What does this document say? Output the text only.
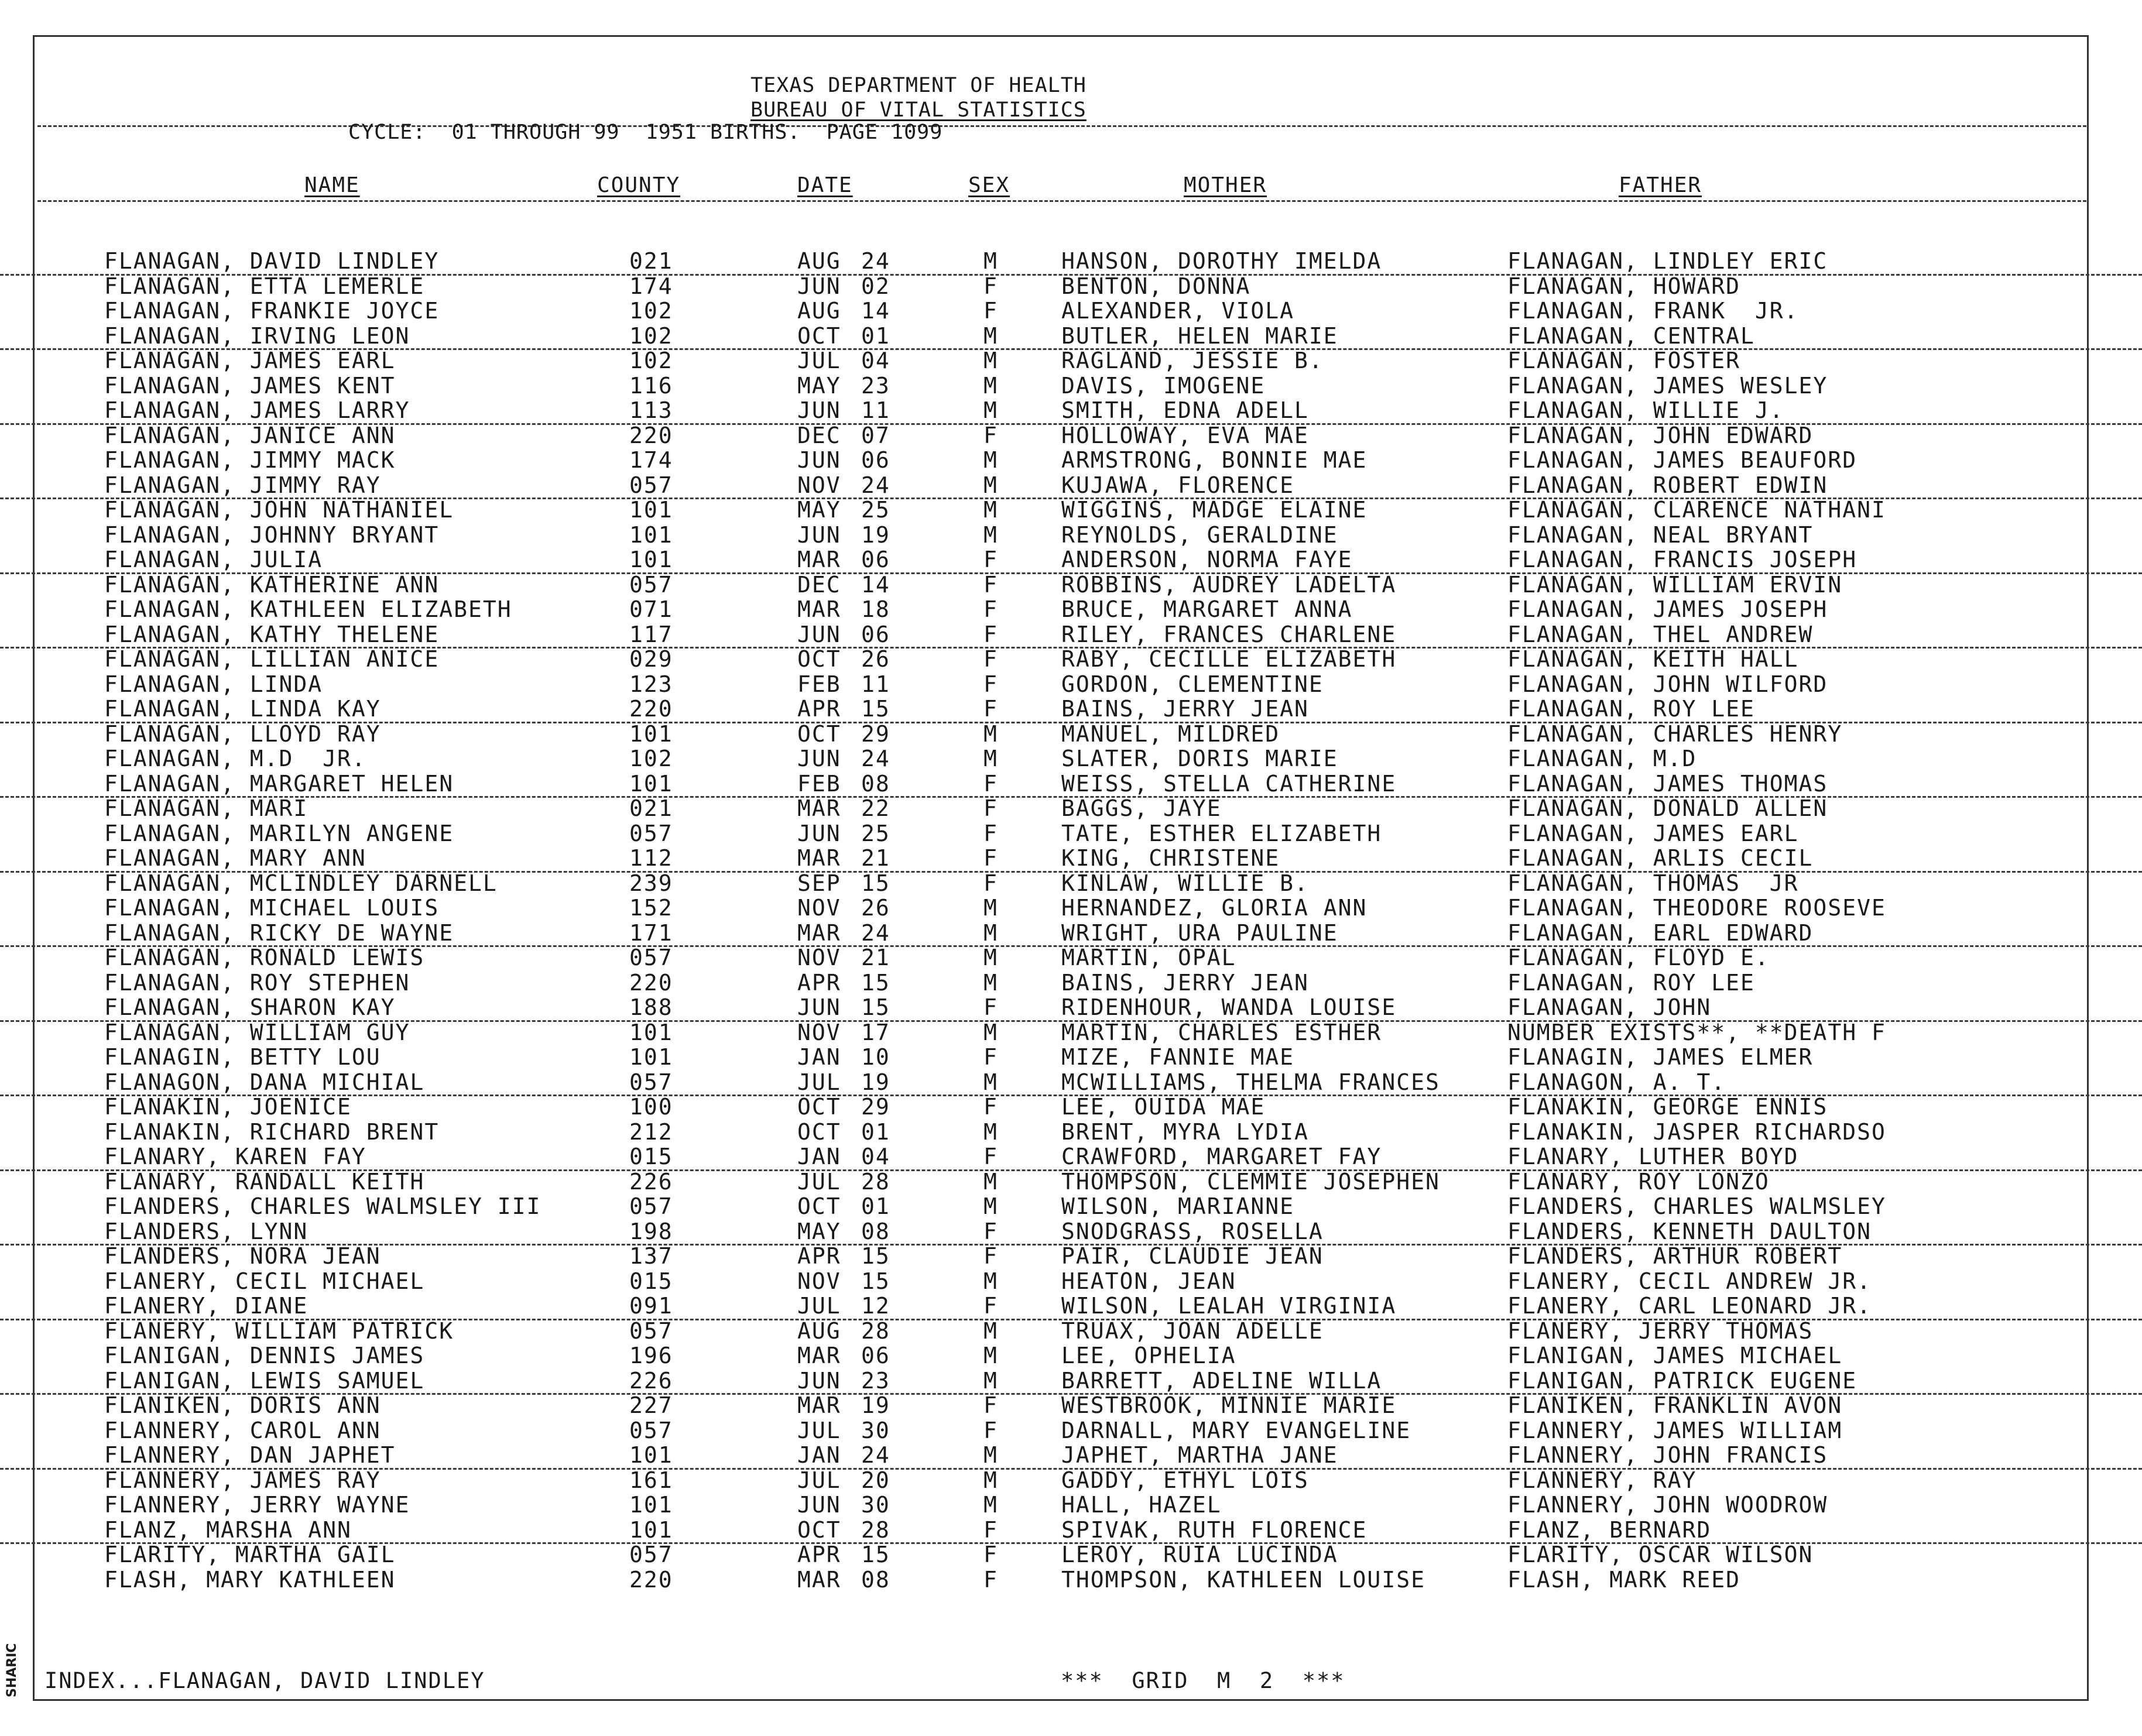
TEXAS DEPARTMENT OF HEALTH
BUREAU OF VITAL STATISTICS
CYCLE:  01 THROUGH 99  1951 BIRTHS.  PAGE 1099
NAME	COUNTY	DATE	SEX	MOTHER	FATHER
FLANAGAN, DAVID LINDLEY	021	AUG 24	M	HANSON, DOROTHY IMELDA	FLANAGAN, LINDLEY ERIC
FLANAGAN, ETTA LEMERLE	174	JUN 02	F	BENTON, DONNA	FLANAGAN, HOWARD
FLANAGAN, FRANKIE JOYCE	102	AUG 14	F	ALEXANDER, VIOLA	FLANAGAN, FRANK  JR.
FLANAGAN, IRVING LEON	102	OCT 01	M	BUTLER, HELEN MARIE	FLANAGAN, CENTRAL
FLANAGAN, JAMES EARL	102	JUL 04	M	RAGLAND, JESSIE B.	FLANAGAN, FOSTER
FLANAGAN, JAMES KENT	116	MAY 23	M	DAVIS, IMOGENE	FLANAGAN, JAMES WESLEY
FLANAGAN, JAMES LARRY	113	JUN 11	M	SMITH, EDNA ADELL	FLANAGAN, WILLIE J.
FLANAGAN, JANICE ANN	220	DEC 07	F	HOLLOWAY, EVA MAE	FLANAGAN, JOHN EDWARD
FLANAGAN, JIMMY MACK	174	JUN 06	M	ARMSTRONG, BONNIE MAE	FLANAGAN, JAMES BEAUFORD
FLANAGAN, JIMMY RAY	057	NOV 24	M	KUJAWA, FLORENCE	FLANAGAN, ROBERT EDWIN
FLANAGAN, JOHN NATHANIEL	101	MAY 25	M	WIGGINS, MADGE ELAINE	FLANAGAN, CLARENCE NATHANI
FLANAGAN, JOHNNY BRYANT	101	JUN 19	M	REYNOLDS, GERALDINE	FLANAGAN, NEAL BRYANT
FLANAGAN, JULIA	101	MAR 06	F	ANDERSON, NORMA FAYE	FLANAGAN, FRANCIS JOSEPH
FLANAGAN, KATHERINE ANN	057	DEC 14	F	ROBBINS, AUDREY LADELTA	FLANAGAN, WILLIAM ERVIN
FLANAGAN, KATHLEEN ELIZABETH	071	MAR 18	F	BRUCE, MARGARET ANNA	FLANAGAN, JAMES JOSEPH
FLANAGAN, KATHY THELENE	117	JUN 06	F	RILEY, FRANCES CHARLENE	FLANAGAN, THEL ANDREW
FLANAGAN, LILLIAN ANICE	029	OCT 26	F	RABY, CECILLE ELIZABETH	FLANAGAN, KEITH HALL
FLANAGAN, LINDA	123	FEB 11	F	GORDON, CLEMENTINE	FLANAGAN, JOHN WILFORD
FLANAGAN, LINDA KAY	220	APR 15	F	BAINS, JERRY JEAN	FLANAGAN, ROY LEE
FLANAGAN, LLOYD RAY	101	OCT 29	M	MANUEL, MILDRED	FLANAGAN, CHARLES HENRY
FLANAGAN, M.D  JR.	102	JUN 24	M	SLATER, DORIS MARIE	FLANAGAN, M.D
FLANAGAN, MARGARET HELEN	101	FEB 08	F	WEISS, STELLA CATHERINE	FLANAGAN, JAMES THOMAS
FLANAGAN, MARI	021	MAR 22	F	BAGGS, JAYE	FLANAGAN, DONALD ALLEN
FLANAGAN, MARILYN ANGENE	057	JUN 25	F	TATE, ESTHER ELIZABETH	FLANAGAN, JAMES EARL
FLANAGAN, MARY ANN	112	MAR 21	F	KING, CHRISTENE	FLANAGAN, ARLIS CECIL
FLANAGAN, MCLINDLEY DARNELL	239	SEP 15	F	KINLAW, WILLIE B.	FLANAGAN, THOMAS  JR
FLANAGAN, MICHAEL LOUIS	152	NOV 26	M	HERNANDEZ, GLORIA ANN	FLANAGAN, THEODORE ROOSEVE
FLANAGAN, RICKY DE WAYNE	171	MAR 24	M	WRIGHT, URA PAULINE	FLANAGAN, EARL EDWARD
FLANAGAN, RONALD LEWIS	057	NOV 21	M	MARTIN, OPAL	FLANAGAN, FLOYD E.
FLANAGAN, ROY STEPHEN	220	APR 15	M	BAINS, JERRY JEAN	FLANAGAN, ROY LEE
FLANAGAN, SHARON KAY	188	JUN 15	F	RIDENHOUR, WANDA LOUISE	FLANAGAN, JOHN
FLANAGAN, WILLIAM GUY	101	NOV 17	M	MARTIN, CHARLES ESTHER	NUMBER EXISTS**, **DEATH F
FLANAGIN, BETTY LOU	101	JAN 10	F	MIZE, FANNIE MAE	FLANAGIN, JAMES ELMER
FLANAGON, DANA MICHIAL	057	JUL 19	M	MCWILLIAMS, THELMA FRANCES	FLANAGON, A. T.
FLANAKIN, JOENICE	100	OCT 29	F	LEE, OUIDA MAE	FLANAKIN, GEORGE ENNIS
FLANAKIN, RICHARD BRENT	212	OCT 01	M	BRENT, MYRA LYDIA	FLANAKIN, JASPER RICHARDSO
FLANARY, KAREN FAY	015	JAN 04	F	CRAWFORD, MARGARET FAY	FLANARY, LUTHER BOYD
FLANARY, RANDALL KEITH	226	JUL 28	M	THOMPSON, CLEMMIE JOSEPHEN	FLANARY, ROY LONZO
FLANDERS, CHARLES WALMSLEY III	057	OCT 01	M	WILSON, MARIANNE	FLANDERS, CHARLES WALMSLEY
FLANDERS, LYNN	198	MAY 08	F	SNODGRASS, ROSELLA	FLANDERS, KENNETH DAULTON
FLANDERS, NORA JEAN	137	APR 15	F	PAIR, CLAUDIE JEAN	FLANDERS, ARTHUR ROBERT
FLANERY, CECIL MICHAEL	015	NOV 15	M	HEATON, JEAN	FLANERY, CECIL ANDREW JR.
FLANERY, DIANE	091	JUL 12	F	WILSON, LEALAH VIRGINIA	FLANERY, CARL LEONARD JR.
FLANERY, WILLIAM PATRICK	057	AUG 28	M	TRUAX, JOAN ADELLE	FLANERY, JERRY THOMAS
FLANIGAN, DENNIS JAMES	196	MAR 06	M	LEE, OPHELIA	FLANIGAN, JAMES MICHAEL
FLANIGAN, LEWIS SAMUEL	226	JUN 23	M	BARRETT, ADELINE WILLA	FLANIGAN, PATRICK EUGENE
FLANIKEN, DORIS ANN	227	MAR 19	F	WESTBROOK, MINNIE MARIE	FLANIKEN, FRANKLIN AVON
FLANNERY, CAROL ANN	057	JUL 30	F	DARNALL, MARY EVANGELINE	FLANNERY, JAMES WILLIAM
FLANNERY, DAN JAPHET	101	JAN 24	M	JAPHET, MARTHA JANE	FLANNERY, JOHN FRANCIS
FLANNERY, JAMES RAY	161	JUL 20	M	GADDY, ETHYL LOIS	FLANNERY, RAY
FLANNERY, JERRY WAYNE	101	JUN 30	M	HALL, HAZEL	FLANNERY, JOHN WOODROW
FLANZ, MARSHA ANN	101	OCT 28	F	SPIVAK, RUTH FLORENCE	FLANZ, BERNARD
FLARITY, MARTHA GAIL	057	APR 15	F	LEROY, RUIA LUCINDA	FLARITY, OSCAR WILSON
FLASH, MARY KATHLEEN	220	MAR 08	F	THOMPSON, KATHLEEN LOUISE	FLASH, MARK REED
SHARIC INDEX...FLANAGAN, DAVID LINDLEY	***  GRID  M  2  ***
